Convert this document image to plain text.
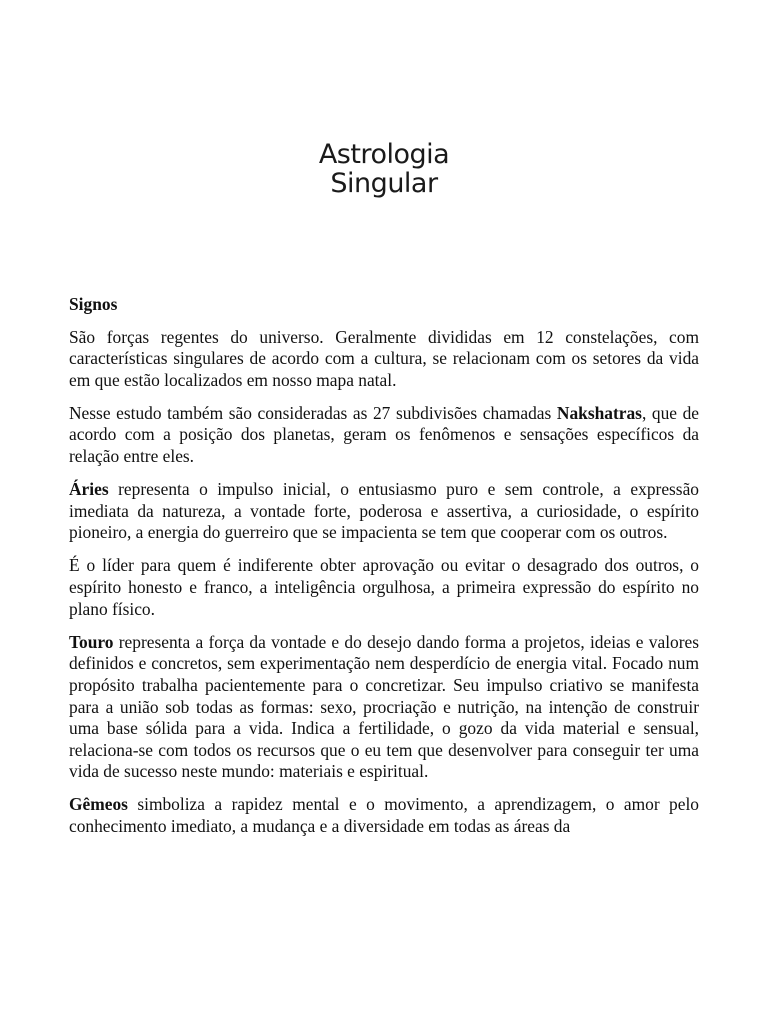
Astrologia
Singular
Signos

São forças regentes do universo. Geralmente divididas em 12 constelações, com características singulares de acordo com a cultura, se relacionam com os setores da vida em que estão localizados em nosso mapa natal.

Nesse estudo também são consideradas as 27 subdivisões chamadas Nakshatras, que de acordo com a posição dos planetas, geram os fenômenos e sensações específicos da relação entre eles.

Áries representa o impulso inicial, o entusiasmo puro e sem controle, a expressão imediata da natureza, a vontade forte, poderosa e assertiva, a curiosidade, o espírito pioneiro, a energia do guerreiro que se impacienta se tem que cooperar com os outros.

É o líder para quem é indiferente obter aprovação ou evitar o desagrado dos outros, o espírito honesto e franco, a inteligência orgulhosa, a primeira expressão do espírito no plano físico.

Touro representa a força da vontade e do desejo dando forma a projetos, ideias e valores definidos e concretos, sem experimentação nem desperdício de energia vital. Focado num propósito trabalha pacientemente para o concretizar. Seu impulso criativo se manifesta para a união sob todas as formas: sexo, procriação e nutrição, na intenção de construir uma base sólida para a vida. Indica a fertilidade, o gozo da vida material e sensual, relaciona-se com todos os recursos que o eu tem que desenvolver para conseguir ter uma vida de sucesso neste mundo: materiais e espiritual.

Gêmeos simboliza a rapidez mental e o movimento, a aprendizagem, o amor pelo conhecimento imediato, a mudança e a diversidade em todas as áreas da
